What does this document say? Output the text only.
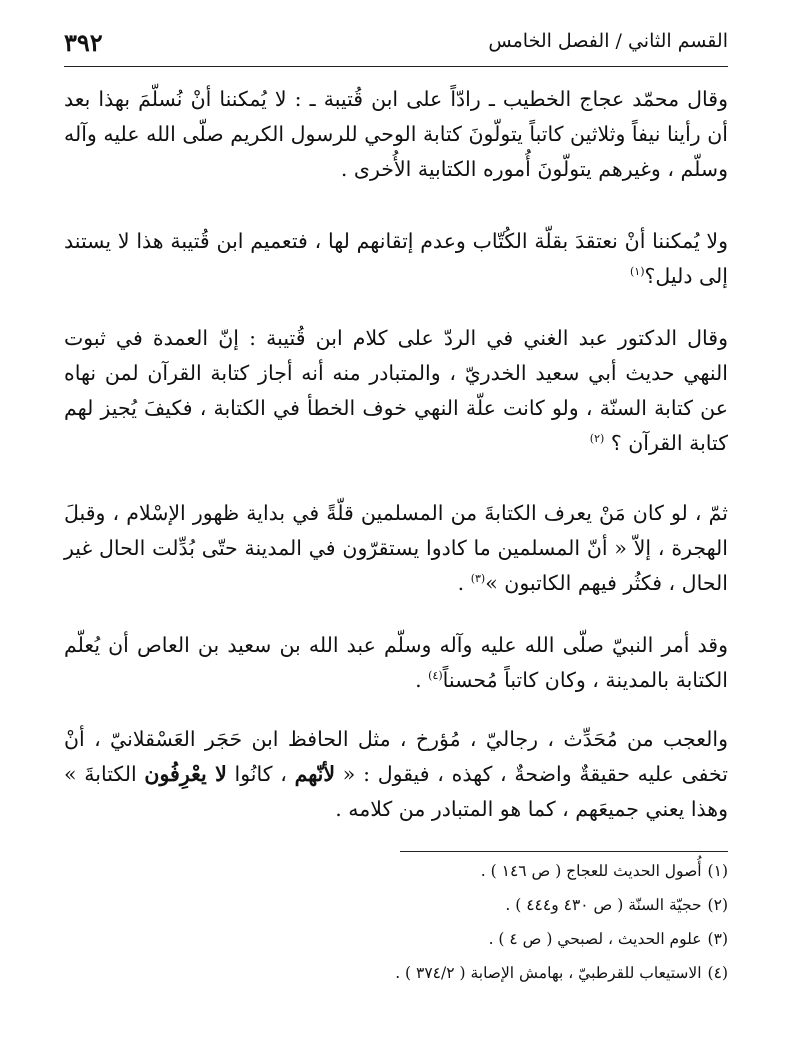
القسم الثاني / الفصل الخامس
٣٩٢

وقال محمّد عجاج الخطيب ـ رادّاً على ابن قُتيبة ـ : لا يُمكننا أنْ نُسلّمَ بهذا بعد أن رأينا نيفاً وثلاثين كاتباً يتولّونَ كتابة الوحي للرسول الكريم صلّى الله عليه وآله وسلّم ، وغيرهم يتولّونَ أُموره الكتابية الأُخرى .

ولا يُمكننا أنْ نعتقدَ بقلّة الكُتّاب وعدم إتقانهم لها ، فتعميم ابن قُتيبة هذا لا يستند إلى دليل؟$^{(١)}$

وقال الدكتور عبد الغني في الردّ على كلام ابن قُتيبة : إنّ العمدة في ثبوت النهي حديث أبي سعيد الخدريّ ، والمتبادر منه أنه أجاز كتابة القرآن لمن نهاه عن كتابة السنّة ، ولو كانت علّة النهي خوف الخطأ في الكتابة ، فكيفَ يُجيز لهم كتابة القرآن ؟ $^{(٢)}$

ثمّ ، لو كان مَنْ يعرف الكتابةَ من المسلمين قلّةً في بداية ظهور الإسْلام ، وقبلَ الهجرة ، إلاّ « أنّ المسلمين ما كادوا يستقرّون في المدينة حتّى بُدِّلت الحال غير الحال ، فكثُر فيهم الكاتبون »$^{(٣)}$ .

وقد أمر النبيّ صلّى الله عليه وآله وسلّم عبد الله بن سعيد بن العاص أن يُعلّم الكتابة بالمدينة ، وكان كاتباً مُحسناً$^{(٤)}$ .

والعجب من مُحَدِّث ، رجاليّ ، مُؤرخ ، مثل الحافظ ابن حَجَر العَسْقلانيّ ، أنْ تخفى عليه حقيقةٌ واضحةٌ ، كهذه ، فيقول : « لأنّهم ، كانُوا لا يعْرِفُون الكتابةَ » وهذا يعني جميعَهم ، كما هو المتبادر من كلامه .

(١)أُصول الحديث للعجاج ( ص ١٤٦ ) .
(٢)حجيّة السنّة ( ص ٤٣٠ و٤٤٤ ) .
(٣)علوم الحديث ، لصبحي ( ص ٤ ) .
(٤)الاستيعاب للقرطبيّ ، بهامش الإصابة ( ٣٧٤/٢ ) .
